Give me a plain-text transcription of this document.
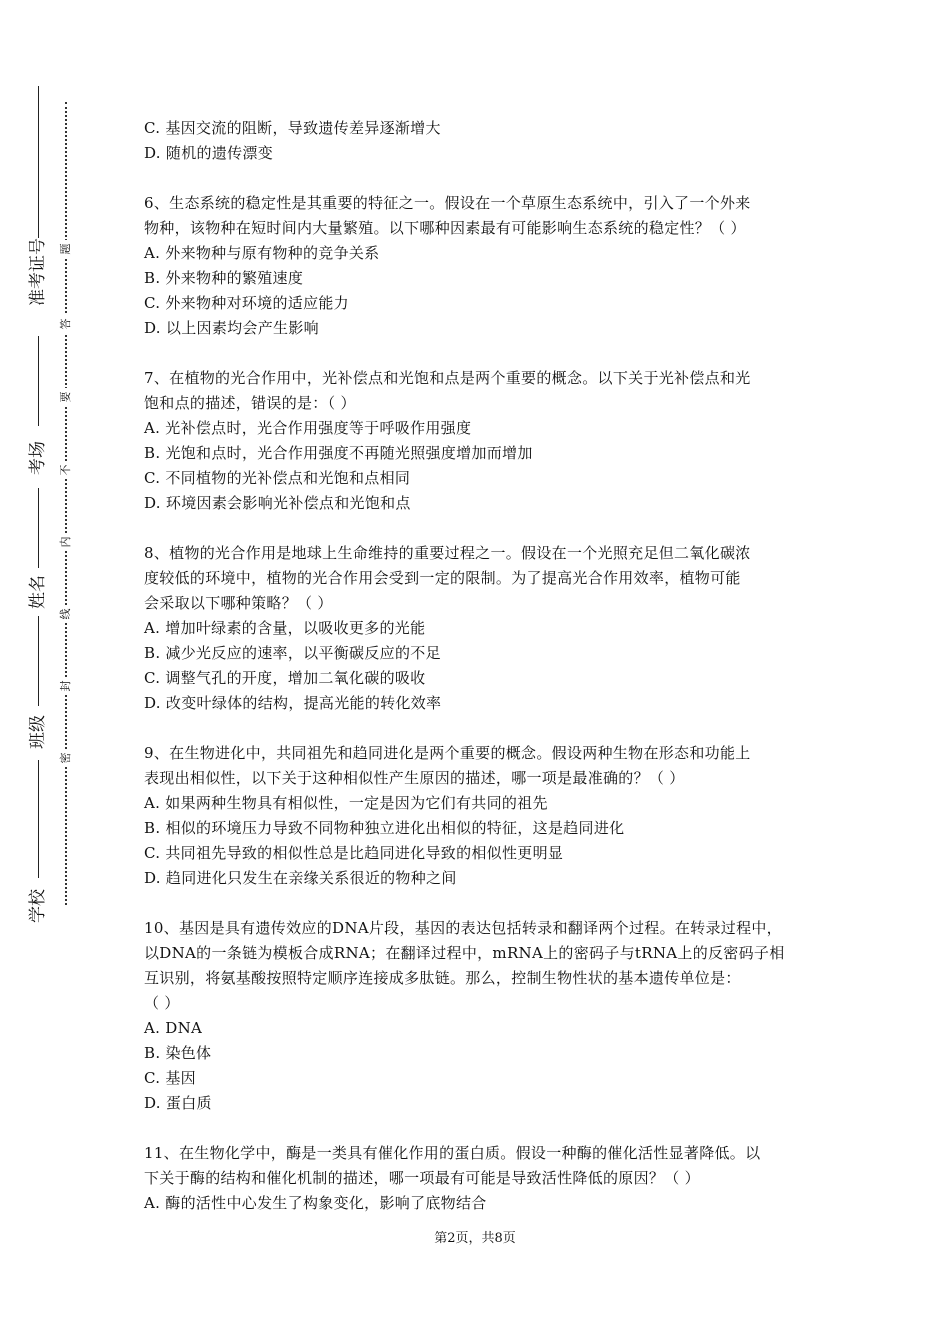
准考证号
考场
姓名
班级
学校
题
答
要
不
内
线
封
密
C. 基因交流的阻断，导致遗传差异逐渐增大
D. 随机的遗传漂变
6、生态系统的稳定性是其重要的特征之一。假设在一个草原生态系统中，引入了一个外来
物种，该物种在短时间内大量繁殖。以下哪种因素最有可能影响生态系统的稳定性？（ ）
A. 外来物种与原有物种的竞争关系
B. 外来物种的繁殖速度
C. 外来物种对环境的适应能力
D. 以上因素均会产生影响
7、在植物的光合作用中，光补偿点和光饱和点是两个重要的概念。以下关于光补偿点和光
饱和点的描述，错误的是：（ ）
A. 光补偿点时，光合作用强度等于呼吸作用强度
B. 光饱和点时，光合作用强度不再随光照强度增加而增加
C. 不同植物的光补偿点和光饱和点相同
D. 环境因素会影响光补偿点和光饱和点
8、植物的光合作用是地球上生命维持的重要过程之一。假设在一个光照充足但二氧化碳浓
度较低的环境中，植物的光合作用会受到一定的限制。为了提高光合作用效率，植物可能
会采取以下哪种策略？（ ）
A. 增加叶绿素的含量，以吸收更多的光能
B. 减少光反应的速率，以平衡碳反应的不足
C. 调整气孔的开度，增加二氧化碳的吸收
D. 改变叶绿体的结构，提高光能的转化效率
9、在生物进化中，共同祖先和趋同进化是两个重要的概念。假设两种生物在形态和功能上
表现出相似性，以下关于这种相似性产生原因的描述，哪一项是最准确的？（ ）
A. 如果两种生物具有相似性，一定是因为它们有共同的祖先
B. 相似的环境压力导致不同物种独立进化出相似的特征，这是趋同进化
C. 共同祖先导致的相似性总是比趋同进化导致的相似性更明显
D. 趋同进化只发生在亲缘关系很近的物种之间
10、基因是具有遗传效应的DNA片段，基因的表达包括转录和翻译两个过程。在转录过程中，
以DNA的一条链为模板合成RNA；在翻译过程中，mRNA上的密码子与tRNA上的反密码子相
互识别，将氨基酸按照特定顺序连接成多肽链。那么，控制生物性状的基本遗传单位是：
（ ）
A. DNA
B. 染色体
C. 基因
D. 蛋白质
11、在生物化学中，酶是一类具有催化作用的蛋白质。假设一种酶的催化活性显著降低。以
下关于酶的结构和催化机制的描述，哪一项最有可能是导致活性降低的原因？（ ）
A. 酶的活性中心发生了构象变化，影响了底物结合
第2页，共8页
